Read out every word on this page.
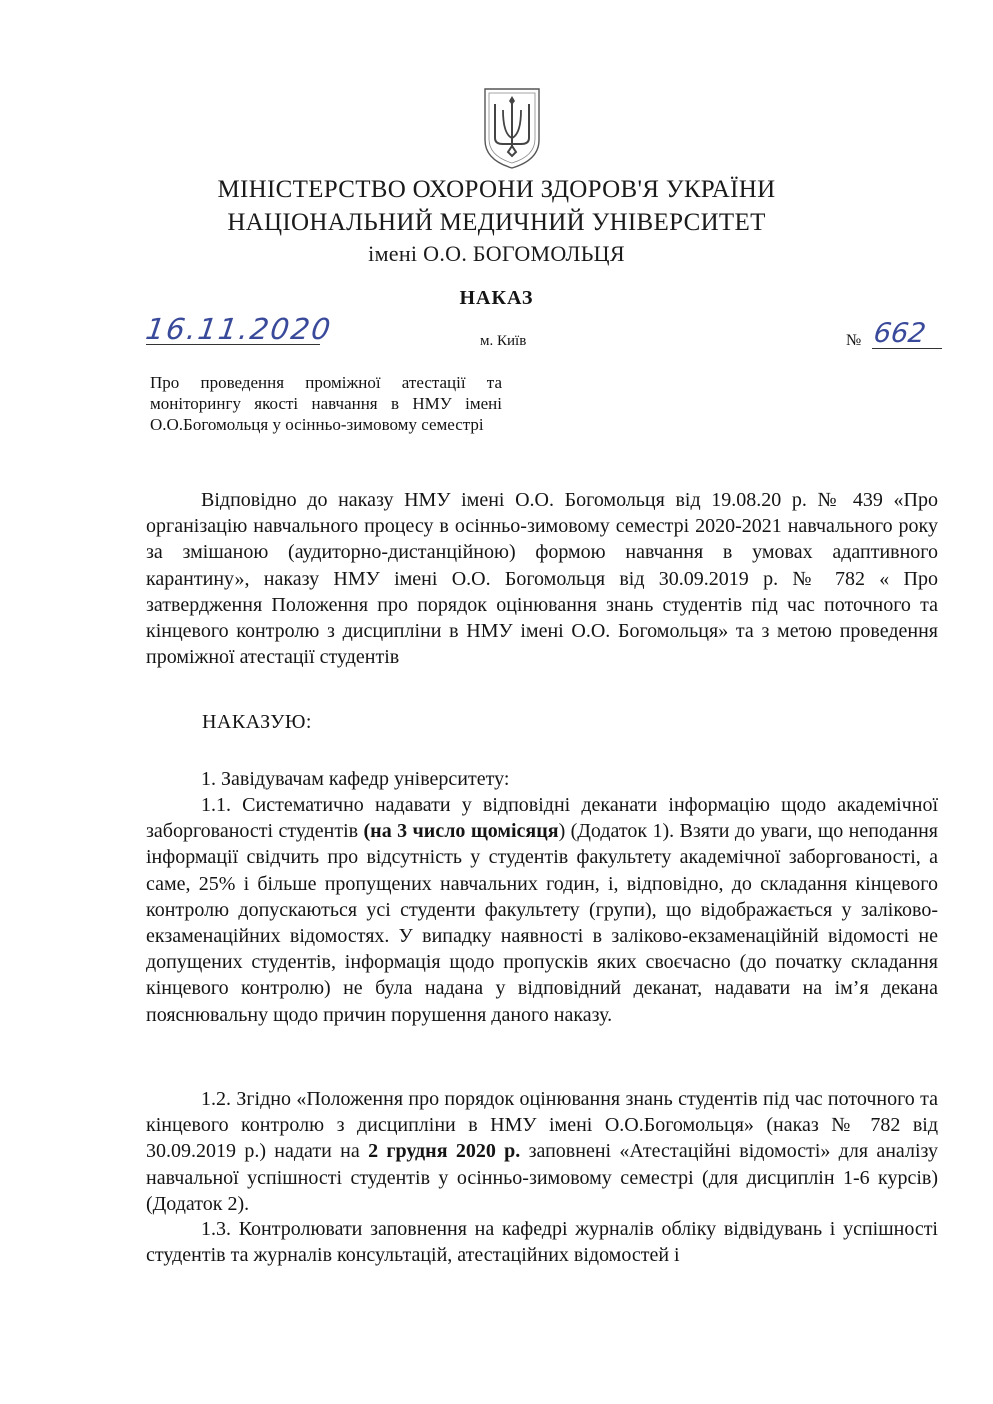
МІНІСТЕРСТВО ОХОРОНИ ЗДОРОВ'Я УКРАЇНИ
НАЦІОНАЛЬНИЙ МЕДИЧНИЙ УНІВЕРСИТЕТ
імені О.О. БОГОМОЛЬЦЯ
НАКАЗ
16.11.2020	м. Київ	№ 662
Про проведення проміжної атестації та моніторингу якості навчання в НМУ імені О.О.Богомольця у осінньо-зимовому семестрі
Відповідно до наказу НМУ імені О.О. Богомольця від 19.08.20 р. № 439 «Про організацію навчального процесу в осінньо-зимовому семестрі 2020-2021 навчального року за змішаною (аудиторно-дистанційною) формою навчання в умовах адаптивного карантину», наказу НМУ імені О.О. Богомольця від 30.09.2019 р. № 782 « Про затвердження Положення про порядок оцінювання знань студентів під час поточного та кінцевого контролю з дисципліни в НМУ імені О.О. Богомольця» та з метою проведення проміжної атестації студентів
НАКАЗУЮ:
1. Завідувачам кафедр університету:
1.1. Систематично надавати у відповідні деканати інформацію щодо академічної заборгованості студентів (на 3 число щомісяця) (Додаток 1). Взяти до уваги, що неподання інформації свідчить про відсутність у студентів факультету академічної заборгованості, а саме, 25% і більше пропущених навчальних годин, і, відповідно, до складання кінцевого контролю допускаються усі студенти факультету (групи), що відображається у заліково-екзаменаційних відомостях. У випадку наявності в заліково-екзаменаційній відомості не допущених студентів, інформація щодо пропусків яких своєчасно (до початку складання кінцевого контролю) не була надана у відповідний деканат, надавати на ім’я декана пояснювальну щодо причин порушення даного наказу.
1.2. Згідно «Положення про порядок оцінювання знань студентів під час поточного та кінцевого контролю з дисципліни в НМУ імені О.О.Богомольця» (наказ № 782 від 30.09.2019 р.) надати на 2 грудня 2020 р. заповнені «Атестаційні відомості» для аналізу навчальної успішності студентів у осінньо-зимовому семестрі (для дисциплін 1-6 курсів) (Додаток 2).
1.3. Контролювати заповнення на кафедрі журналів обліку відвідувань і успішності студентів та журналів консультацій, атестаційних відомостей і
